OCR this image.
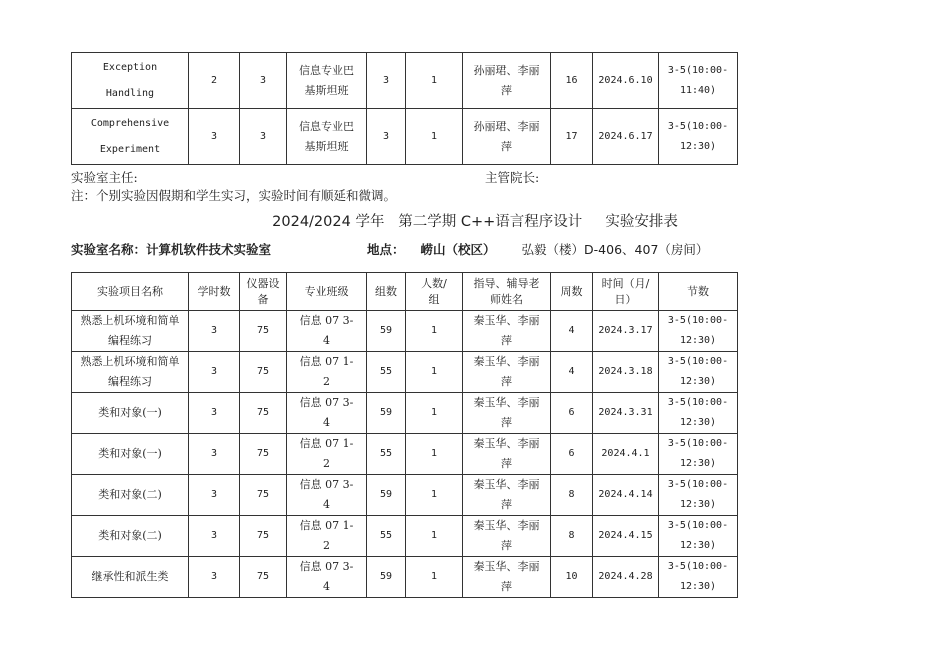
Exception
Handling	2	3	信息专业巴基斯坦班	3	1	孙丽珺、李丽萍	16	2024.6.10	3-5(10:00-11:40)

Comprehensive
Experiment	3	3	信息专业巴基斯坦班	3	1	孙丽珺、李丽萍	17	2024.6.17	3-5(10:00-12:30)
实验室主任:	主管院长:
注：个别实验因假期和学生实习，实验时间有顺延和微调。
2024/2024 学年   第二学期 C++语言程序设计     实验安排表
实验室名称：计算机软件技术实验室	地点： 崂山（校区） 弘毅（楼）D-406、407（房间）
实验项目名称	学时数	仪器设备	专业班级	组数	人数/组	指导、辅导老师姓名	周数	时间（月/日）	节数
熟悉上机环境和简单编程练习	3	75	信息 07 3-4	59	1	秦玉华、李丽萍	4	2024.3.17	3-5(10:00-12:30)
熟悉上机环境和简单编程练习	3	75	信息 07 1-2	55	1	秦玉华、李丽萍	4	2024.3.18	3-5(10:00-12:30)
类和对象(一)	3	75	信息 07 3-4	59	1	秦玉华、李丽萍	6	2024.3.31	3-5(10:00-12:30)
类和对象(一)	3	75	信息 07 1-2	55	1	秦玉华、李丽萍	6	2024.4.1	3-5(10:00-12:30)
类和对象(二)	3	75	信息 07 3-4	59	1	秦玉华、李丽萍	8	2024.4.14	3-5(10:00-12:30)
类和对象(二)	3	75	信息 07 1-2	55	1	秦玉华、李丽萍	8	2024.4.15	3-5(10:00-12:30)
继承性和派生类	3	75	信息 07 3-4	59	1	秦玉华、李丽萍	10	2024.4.28	3-5(10:00-12:30)
